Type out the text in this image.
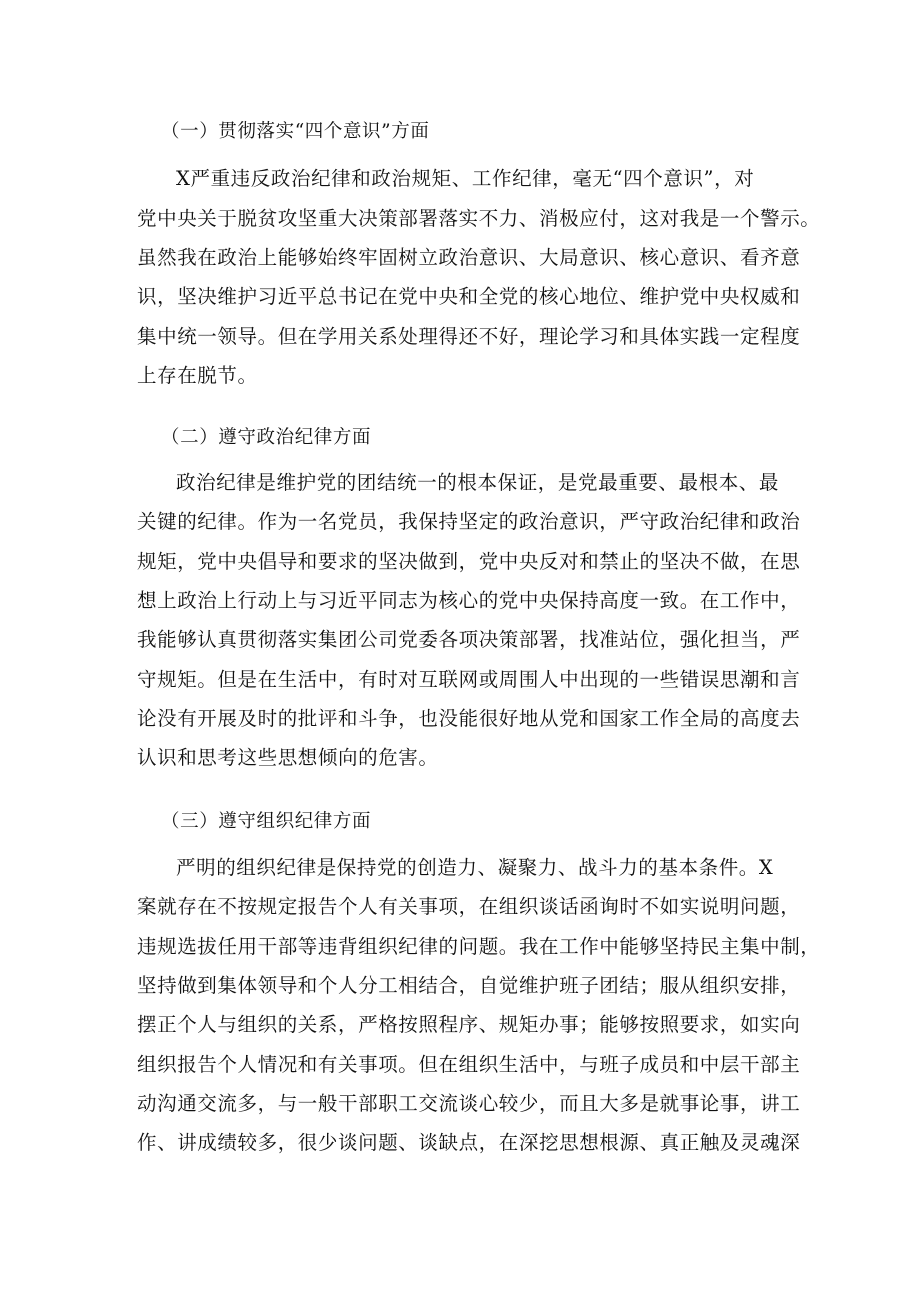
（一）贯彻落实“四个意识”方面
X严重违反政治纪律和政治规矩、工作纪律，毫无“四个意识”，对
党中央关于脱贫攻坚重大决策部署落实不力、消极应付，这对我是一个警示。
虽然我在政治上能够始终牢固树立政治意识、大局意识、核心意识、看齐意
识，坚决维护习近平总书记在党中央和全党的核心地位、维护党中央权威和
集中统一领导。但在学用关系处理得还不好，理论学习和具体实践一定程度
上存在脱节。
（二）遵守政治纪律方面
政治纪律是维护党的团结统一的根本保证，是党最重要、最根本、最
关键的纪律。作为一名党员，我保持坚定的政治意识，严守政治纪律和政治
规矩，党中央倡导和要求的坚决做到，党中央反对和禁止的坚决不做，在思
想上政治上行动上与习近平同志为核心的党中央保持高度一致。在工作中，
我能够认真贯彻落实集团公司党委各项决策部署，找准站位，强化担当，严
守规矩。但是在生活中，有时对互联网或周围人中出现的一些错误思潮和言
论没有开展及时的批评和斗争，也没能很好地从党和国家工作全局的高度去
认识和思考这些思想倾向的危害。
（三）遵守组织纪律方面
严明的组织纪律是保持党的创造力、凝聚力、战斗力的基本条件。X
案就存在不按规定报告个人有关事项，在组织谈话函询时不如实说明问题，
违规选拔任用干部等违背组织纪律的问题。我在工作中能够坚持民主集中制，
坚持做到集体领导和个人分工相结合，自觉维护班子团结；服从组织安排，
摆正个人与组织的关系，严格按照程序、规矩办事；能够按照要求，如实向
组织报告个人情况和有关事项。但在组织生活中，与班子成员和中层干部主
动沟通交流多，与一般干部职工交流谈心较少，而且大多是就事论事，讲工
作、讲成绩较多，很少谈问题、谈缺点，在深挖思想根源、真正触及灵魂深
